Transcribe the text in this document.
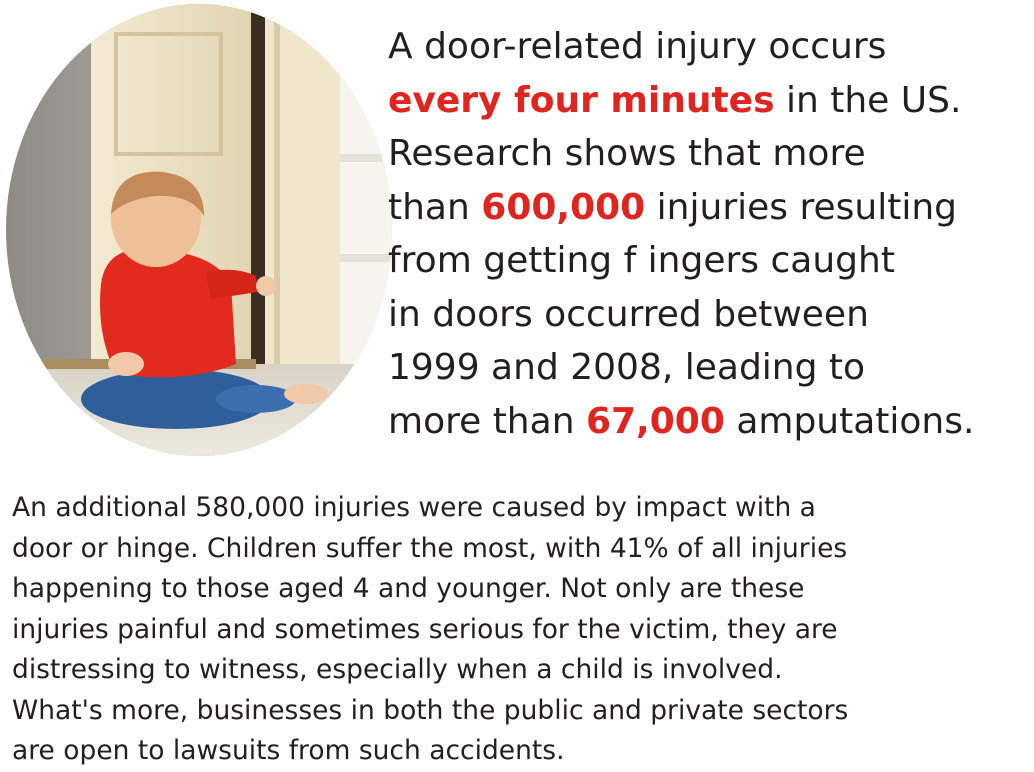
A door-related injury occurs
every four minutes in the US.
Research shows that more
than 600,000 injuries resulting
from getting f ingers caught
in doors occurred between
1999 and 2008, leading to
more than 67,000 amputations.
An additional 580,000 injuries were caused by impact with a
door or hinge. Children suffer the most, with 41% of all injuries
happening to those aged 4 and younger. Not only are these
injuries painful and sometimes serious for the victim, they are
distressing to witness, especially when a child is involved.
What's more, businesses in both the public and private sectors
are open to lawsuits from such accidents.
